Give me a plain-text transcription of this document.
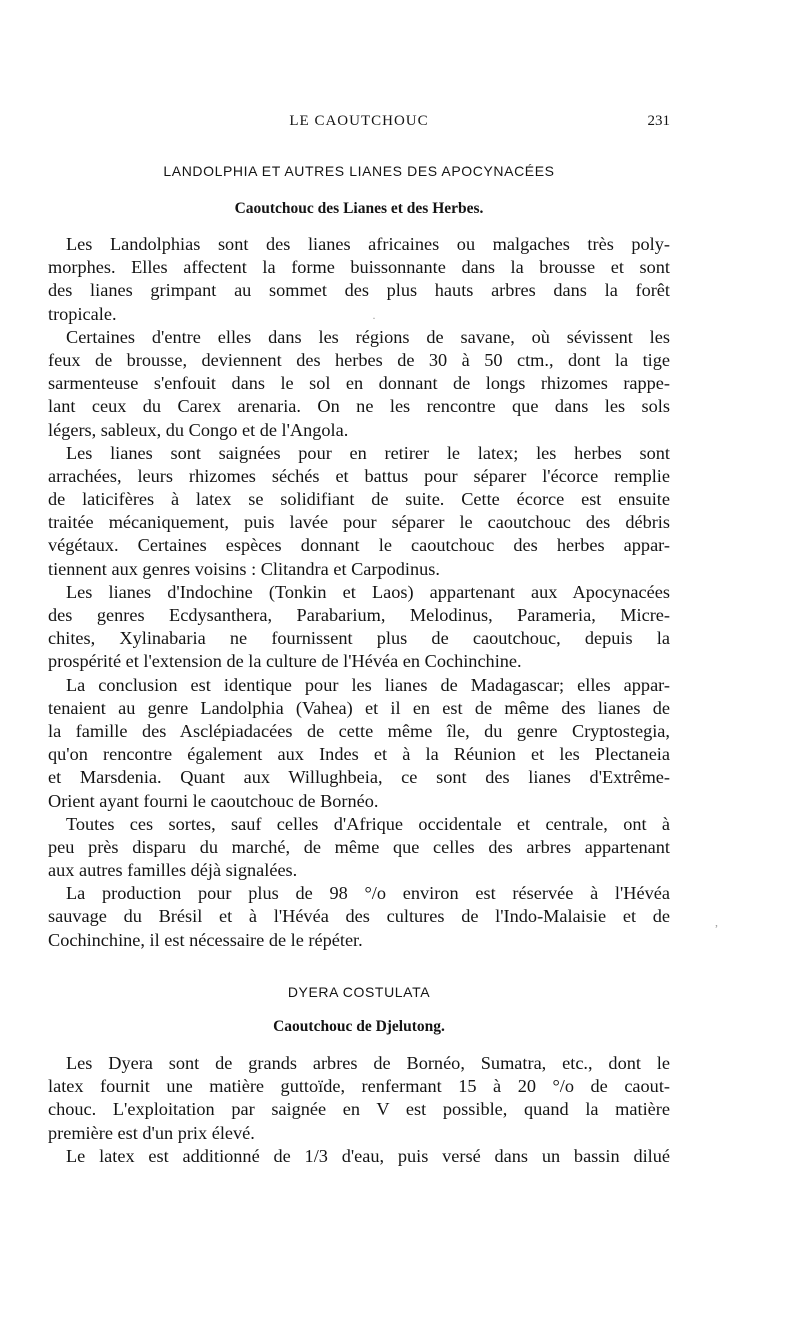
LE CAOUTCHOUC	231
LANDOLPHIA ET AUTRES LIANES DES APOCYNACÉES
Caoutchouc des Lianes et des Herbes.
Les Landolphias sont des lianes africaines ou malgaches très poly-
morphes. Elles affectent la forme buissonnante dans la brousse et sont
des lianes grimpant au sommet des plus hauts arbres dans la forêt
tropicale.
Certaines d'entre elles dans les régions de savane, où sévissent les
feux de brousse, deviennent des herbes de 30 à 50 ctm., dont la tige
sarmenteuse s'enfouit dans le sol en donnant de longs rhizomes rappe-
lant ceux du Carex arenaria. On ne les rencontre que dans les sols
légers, sableux, du Congo et de l'Angola.
Les lianes sont saignées pour en retirer le latex; les herbes sont
arrachées, leurs rhizomes séchés et battus pour séparer l'écorce remplie
de laticifères à latex se solidifiant de suite. Cette écorce est ensuite
traitée mécaniquement, puis lavée pour séparer le caoutchouc des débris
végétaux. Certaines espèces donnant le caoutchouc des herbes appar-
tiennent aux genres voisins : Clitandra et Carpodinus.
Les lianes d'Indochine (Tonkin et Laos) appartenant aux Apocynacées
des genres Ecdysanthera, Parabarium, Melodinus, Parameria, Micre-
chites, Xylinabaria ne fournissent plus de caoutchouc, depuis la
prospérité et l'extension de la culture de l'Hévéa en Cochinchine.
La conclusion est identique pour les lianes de Madagascar; elles appar-
tenaient au genre Landolphia (Vahea) et il en est de même des lianes de
la famille des Asclépiadacées de cette même île, du genre Cryptostegia,
qu'on rencontre également aux Indes et à la Réunion et les Plectaneia
et Marsdenia. Quant aux Willughbeia, ce sont des lianes d'Extrême-
Orient ayant fourni le caoutchouc de Bornéo.
Toutes ces sortes, sauf celles d'Afrique occidentale et centrale, ont à
peu près disparu du marché, de même que celles des arbres appartenant
aux autres familles déjà signalées.
La production pour plus de 98 °/o environ est réservée à l'Hévéa
sauvage du Brésil et à l'Hévéa des cultures de l'Indo-Malaisie et de
Cochinchine, il est nécessaire de le répéter.
DYERA COSTULATA
Caoutchouc de Djelutong.
Les Dyera sont de grands arbres de Bornéo, Sumatra, etc., dont le
latex fournit une matière guttoïde, renfermant 15 à 20 °/o de caout-
chouc. L'exploitation par saignée en V est possible, quand la matière
première est d'un prix élevé.
Le latex est additionné de 1/3 d'eau, puis versé dans un bassin dilué
,
·
